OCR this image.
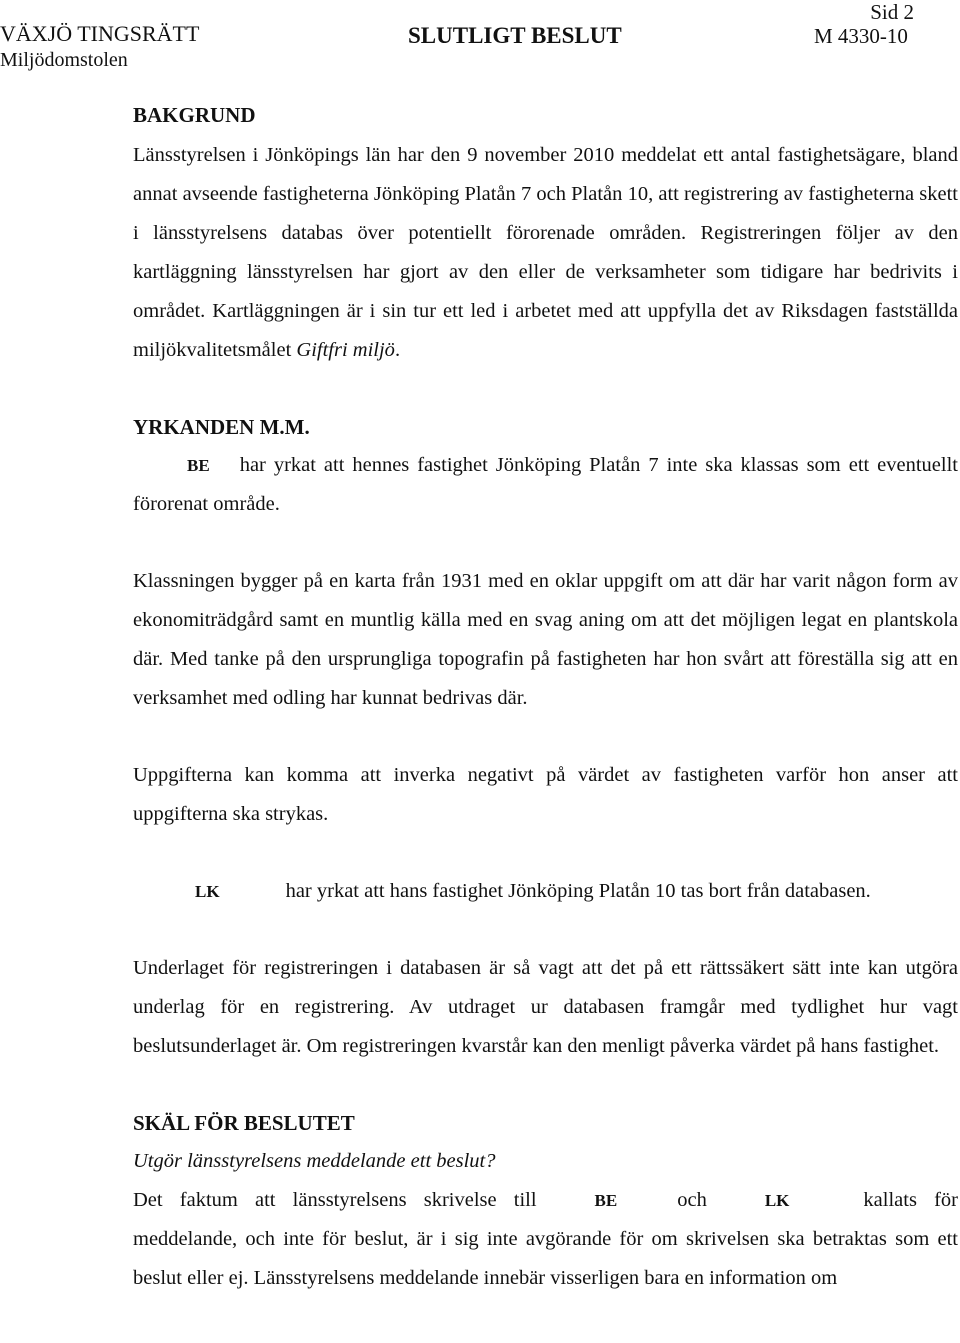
VÄXJÖ TINGSRÄTT
Miljödomstolen
SLUTLIGT BESLUT
Sid 2
M 4330-10
BAKGRUND

Länsstyrelsen i Jönköpings län har den 9 november 2010 meddelat ett antal fastighetsägare, bland annat avseende fastigheterna Jönköping Platån 7 och Platån 10, att registrering av fastigheterna skett i länsstyrelsens databas över potentiellt förorenade områden. Registreringen följer av den kartläggning länsstyrelsen har gjort av den eller de verksamheter som tidigare har bedrivits i området. Kartläggningen är i sin tur ett led i arbetet med att uppfylla det av Riksdagen fastställda miljökvalitetsmålet Giftfri miljö.

YRKANDEN M.M.

BE har yrkat att hennes fastighet Jönköping Platån 7 inte ska klassas som ett eventuellt förorenat område.

Klassningen bygger på en karta från 1931 med en oklar uppgift om att där har varit någon form av ekonomiträdgård samt en muntlig källa med en svag aning om att det möjligen legat en plantskola där. Med tanke på den ursprungliga topografin på fastigheten har hon svårt att föreställa sig att en verksamhet med odling har kunnat bedrivas där.

Uppgifterna kan komma att inverka negativt på värdet av fastigheten varför hon anser att uppgifterna ska strykas.

LK	har yrkat att hans fastighet Jönköping Platån 10 tas bort från databasen.

Underlaget för registreringen i databasen är så vagt att det på ett rättssäkert sätt inte kan utgöra underlag för en registrering. Av utdraget ur databasen framgår med tydlighet hur vagt beslutsunderlaget är. Om registreringen kvarstår kan den menligt påverka värdet på hans fastighet.

SKÄL FÖR BESLUTET

Utgör länsstyrelsens meddelande ett beslut?

Det faktum att länsstyrelsens skrivelse till	BE	och	LK	kallats för meddelande, och inte för beslut, är i sig inte avgörande för om skrivelsen ska betraktas som ett beslut eller ej. Länsstyrelsens meddelande innebär visserligen bara en information om
